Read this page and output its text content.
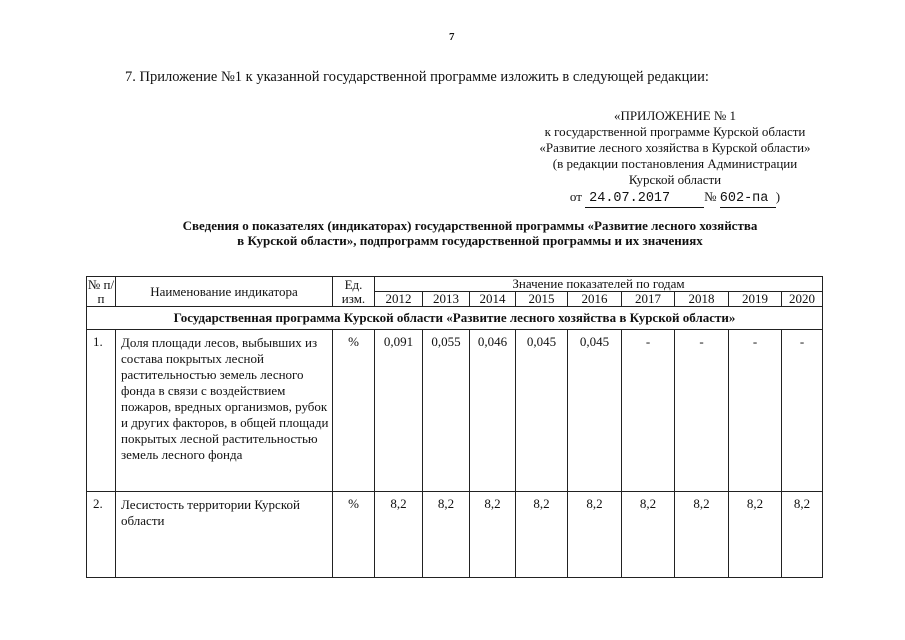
7
7. Приложение №1 к указанной государственной программе изложить в следующей редакции:
«ПРИЛОЖЕНИЕ № 1
к государственной программе Курской области
«Развитие лесного хозяйства в Курской области»
(в редакции постановления Администрации
Курской области
от 24.07.2017	№ 602-па )
Сведения о показателях (индикаторах) государственной программы «Развитие лесного хозяйства
в Курской области», подпрограмм государственной программы и их значениях
№ п/п	Наименование индикатора	Ед. изм.	Значение показателей по годам								
			2012	2013	2014	2015	2016	2017	2018	2019	2020
Государственная программа Курской области «Развитие лесного хозяйства в Курской области»											
1.	Доля площади лесов, выбывших из состава покрытых лесной растительностью земель лесного фонда в связи с воздействием пожаров, вредных организмов, рубок и других факторов, в общей площади покрытых лесной растительностью земель лесного фонда	%	0,091	0,055	0,046	0,045	0,045	-	-	-	-
2.	Лесистость территории Курской области	%	8,2	8,2	8,2	8,2	8,2	8,2	8,2	8,2	8,2
